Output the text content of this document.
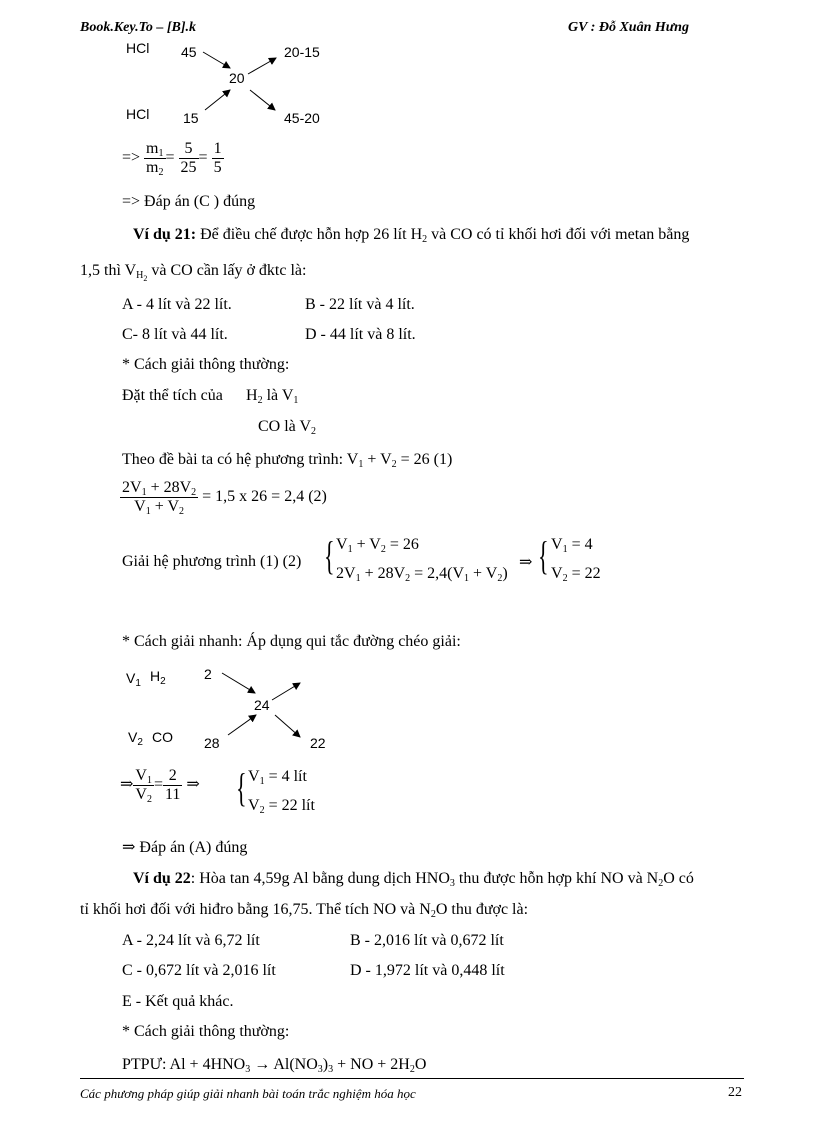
Book.Key.To – [B].k	GV : Đỗ Xuân Hưng
HCl 45	20-15
20
HCl 15	45-20
=> $\frac{m_1}{m_2} = \frac{5}{25} = \frac{1}{5}$
=> Đáp án (C ) đúng
Ví dụ 21: Để điều chế được hỗn hợp 26 lít $H_2$ và CO có tỉ khối hơi đối với metan bằng
1,5 thì $V_{H_2}$ và CO cần lấy ở đktc là:
A - 4 lít và 22 lít.	B - 22 lít và 4 lít.
C- 8 lít và 44 lít.	D - 44 lít và 8 lít.
* Cách giải thông thường:
Đặt thể tích của $H_2$ là $V_1$
CO là $V_2$
Theo đề bài ta có hệ phương trình: $V_1 + V_2 = 26$ (1)
$\frac{2V_1 + 28V_2}{V_1 + V_2} = 1,5$ x 26 = 2,4 (2)
Giải hệ phương trình (1) (2) { $V_1 + V_2 = 26$
$2V_1 + 28V_2 = 2,4(V_1 + V_2)$
⇒ { $V_1 = 4$
$V_2 = 22$
* Cách giải nhanh: Áp dụng qui tắc đường chéo giải:
$V_1$ $H_2$	2
24
$V_2$ CO 28	22
⇒ $\frac{V_1}{V_2} = \frac{2}{11}$ ⇒ { $V_1 = 4$ lít
$V_2 = 22$ lít
⇒ Đáp án (A) đúng
Ví dụ 22: Hòa tan 4,59g Al bằng dung dịch $HNO_3$ thu được hỗn hợp khí NO và $N_2O$ có
tỉ khối hơi đối với hiđro bằng 16,75. Thể tích NO và $N_2O$ thu được là:
A - 2,24 lít và 6,72 lít	B - 2,016 lít và 0,672 lít
C - 0,672 lít và 2,016 lít	D - 1,972 lít và 0,448 lít
E - Kết quả khác.
* Cách giải thông thường:
PTPƯ: $Al + 4HNO_3 \to Al(NO_3)_3$ + NO + $2H_2O$
Các phương pháp giúp giải nhanh bài toán trắc nghiệm hóa học	22
